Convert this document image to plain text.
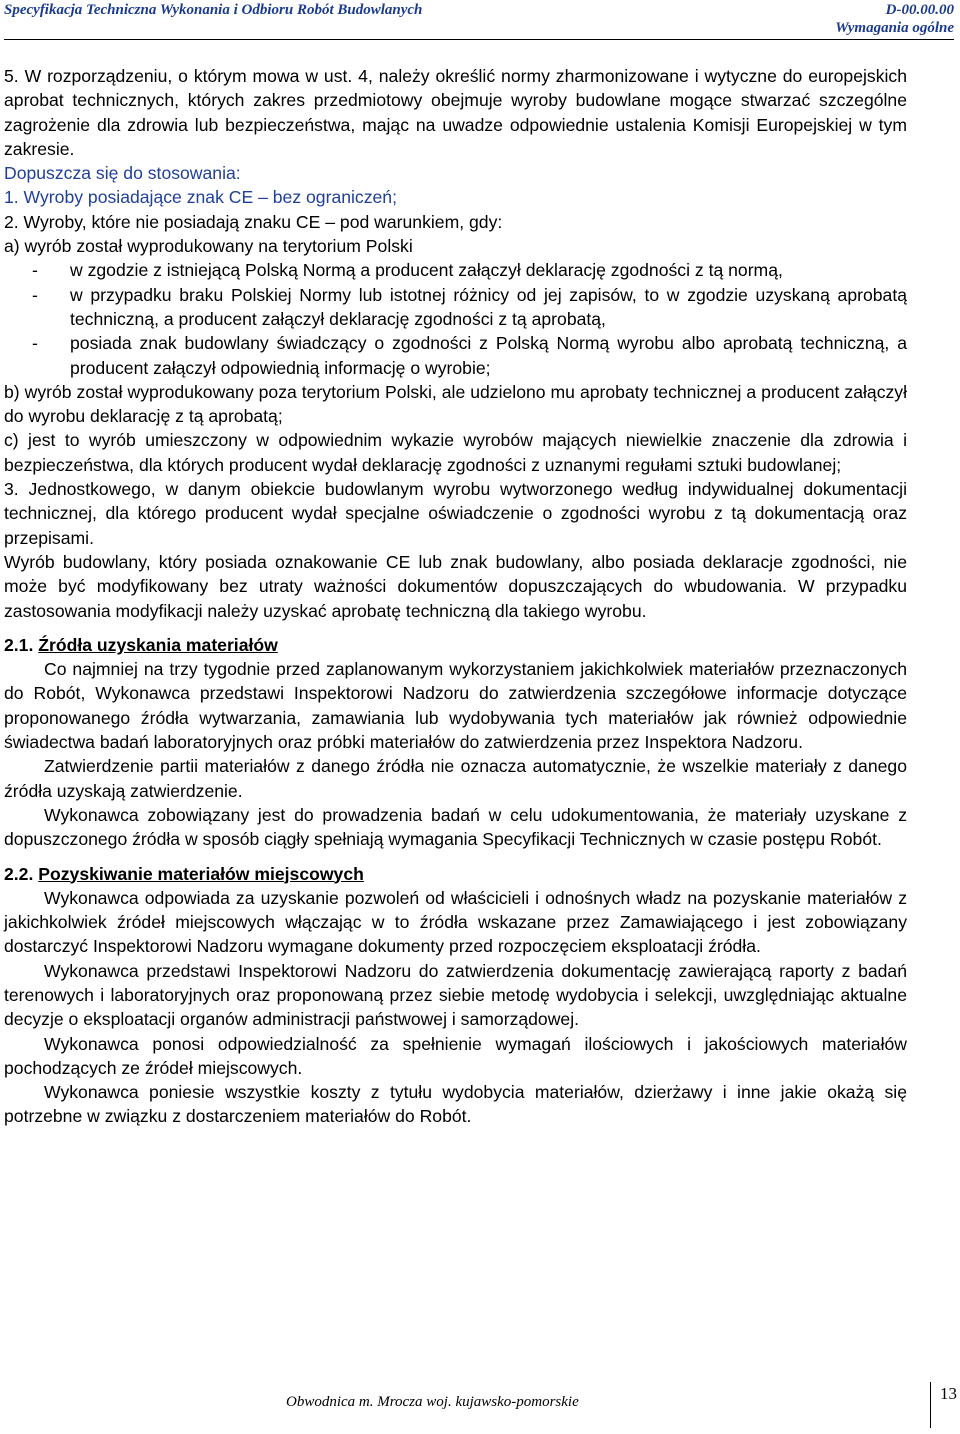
Specyfikacja Techniczna Wykonania i Odbioru Robót Budowlanych	D-00.00.00
Wymagania ogólne

5. W rozporządzeniu, o którym mowa w ust. 4, należy określić normy zharmonizowane i wytyczne do europejskich aprobat technicznych, których zakres przedmiotowy obejmuje wyroby budowlane mogące stwarzać szczególne zagrożenie dla zdrowia lub bezpieczeństwa, mając na uwadze odpowiednie ustalenia Komisji Europejskiej w tym zakresie.

Dopuszcza się do stosowania:

1. Wyroby posiadające znak CE – bez ograniczeń;

2. Wyroby, które nie posiadają znaku CE – pod warunkiem, gdy:

a) wyrób został wyprodukowany na terytorium Polski

- w zgodzie z istniejącą Polską Normą a producent załączył deklarację zgodności z tą normą,

- w przypadku braku Polskiej Normy lub istotnej różnicy od jej zapisów, to w zgodzie uzyskaną aprobatą techniczną, a producent załączył deklarację zgodności z tą aprobatą,

- posiada znak budowlany świadczący o zgodności z Polską Normą wyrobu albo aprobatą techniczną, a producent załączył odpowiednią informację o wyrobie;

b) wyrób został wyprodukowany poza terytorium Polski, ale udzielono mu aprobaty technicznej a producent załączył do wyrobu deklarację z tą aprobatą;

c) jest to wyrób umieszczony w odpowiednim wykazie wyrobów mających niewielkie znaczenie dla zdrowia i bezpieczeństwa, dla których producent wydał deklarację zgodności z uznanymi regułami sztuki budowlanej;

3. Jednostkowego, w danym obiekcie budowlanym wyrobu wytworzonego według indywidualnej dokumentacji technicznej, dla którego producent wydał specjalne oświadczenie o zgodności wyrobu z tą dokumentacją oraz przepisami.

Wyrób budowlany, który posiada oznakowanie CE lub znak budowlany, albo posiada deklaracje zgodności, nie może być modyfikowany bez utraty ważności dokumentów dopuszczających do wbudowania. W przypadku zastosowania modyfikacji należy uzyskać aprobatę techniczną dla takiego wyrobu.

2.1. Źródła uzyskania materiałów

Co najmniej na trzy tygodnie przed zaplanowanym wykorzystaniem jakichkolwiek materiałów przeznaczonych do Robót, Wykonawca przedstawi Inspektorowi Nadzoru do zatwierdzenia szczegółowe informacje dotyczące proponowanego źródła wytwarzania, zamawiania lub wydobywania tych materiałów jak również odpowiednie świadectwa badań laboratoryjnych oraz próbki materiałów do zatwierdzenia przez Inspektora Nadzoru.

Zatwierdzenie partii materiałów z danego źródła nie oznacza automatycznie, że wszelkie materiały z danego źródła uzyskają zatwierdzenie.

Wykonawca zobowiązany jest do prowadzenia badań w celu udokumentowania, że materiały uzyskane z dopuszczonego źródła w sposób ciągły spełniają wymagania Specyfikacji Technicznych w czasie postępu Robót.

2.2. Pozyskiwanie materiałów miejscowych

Wykonawca odpowiada za uzyskanie pozwoleń od właścicieli i odnośnych władz na pozyskanie materiałów z jakichkolwiek źródeł miejscowych włączając w to źródła wskazane przez Zamawiającego i jest zobowiązany dostarczyć Inspektorowi Nadzoru wymagane dokumenty przed rozpoczęciem eksploatacji źródła.

Wykonawca przedstawi Inspektorowi Nadzoru do zatwierdzenia dokumentację zawierającą raporty z badań terenowych i laboratoryjnych oraz proponowaną przez siebie metodę wydobycia i selekcji, uwzględniając aktualne decyzje o eksploatacji organów administracji państwowej i samorządowej.

Wykonawca ponosi odpowiedzialność za spełnienie wymagań ilościowych i jakościowych materiałów pochodzących ze źródeł miejscowych.

Wykonawca poniesie wszystkie koszty z tytułu wydobycia materiałów, dzierżawy i inne jakie okażą się potrzebne w związku z dostarczeniem materiałów do Robót.

Obwodnica m. Mrocza woj. kujawsko-pomorskie	13
